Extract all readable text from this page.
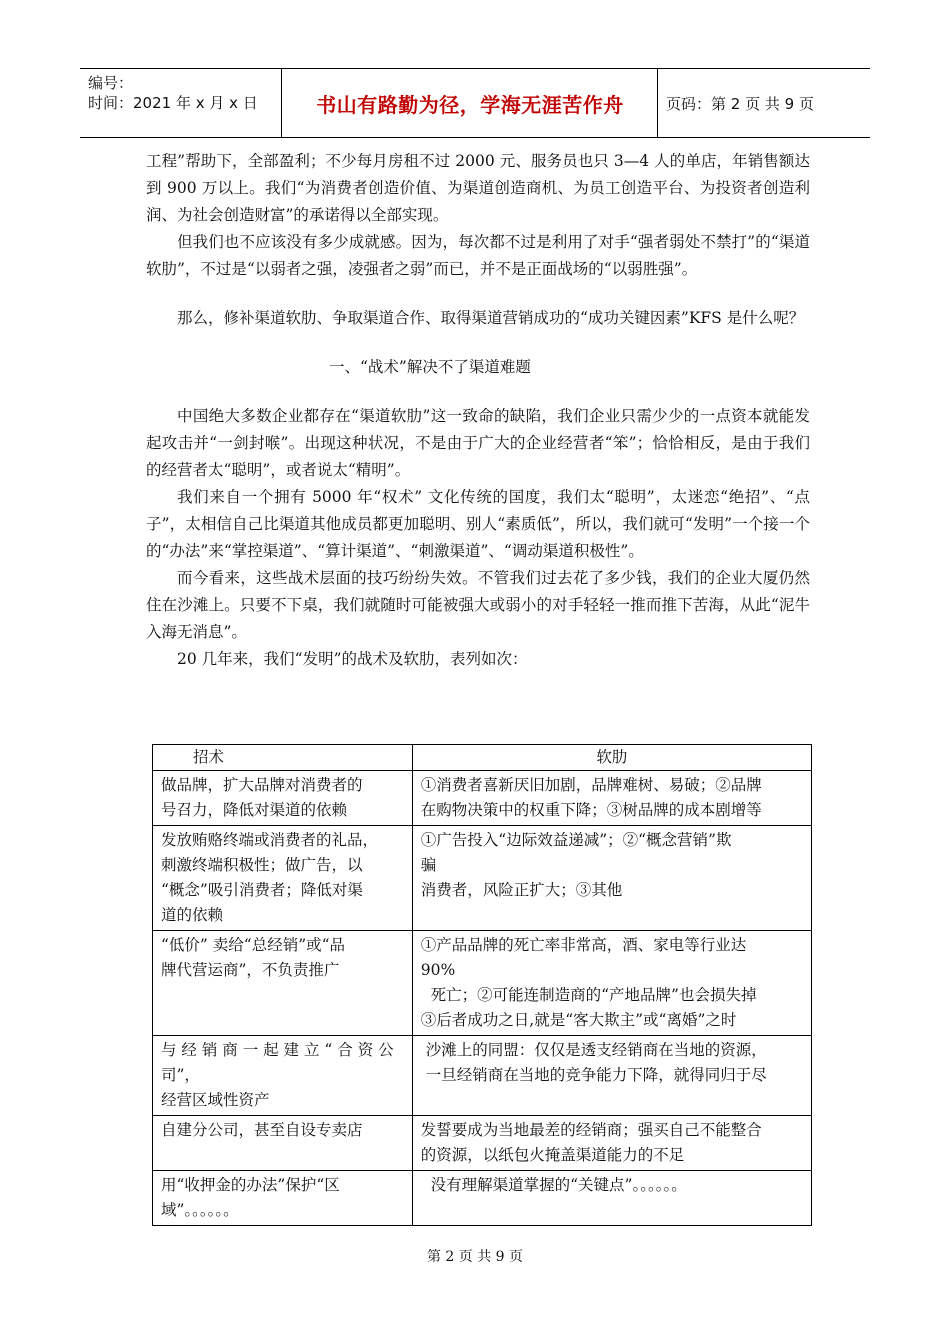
编号：
时间：2021 年 x 月 x 日	书山有路勤为径，学海无涯苦作舟	页码：第 2 页 共 9 页

工程”帮助下，全部盈利；不少每月房租不过 2000 元、服务员也只 3—4 人的单店，年销售额达到 900 万以上。我们“为消费者创造价值、为渠道创造商机、为员工创造平台、为投资者创造利润、为社会创造财富”的承诺得以全部实现。

但我们也不应该没有多少成就感。因为，每次都不过是利用了对手“强者弱处不禁打”的“渠道软肋”，不过是“以弱者之强，凌强者之弱”而已，并不是正面战场的“以弱胜强”。

那么，修补渠道软肋、争取渠道合作、取得渠道营销成功的“成功关键因素”KFS 是什么呢？

一、“战术”解决不了渠道难题

中国绝大多数企业都存在“渠道软肋”这一致命的缺陷，我们企业只需少少的一点资本就能发起攻击并“一剑封喉”。出现这种状况，不是由于广大的企业经营者“笨”；恰恰相反，是由于我们的经营者太“聪明”，或者说太“精明”。

我们来自一个拥有 5000 年“权术” 文化传统的国度，我们太“聪明”，太迷恋“绝招”、“点子”，太相信自己比渠道其他成员都更加聪明、别人“素质低”，所以，我们就可“发明”一个接一个的“办法”来“掌控渠道”、“算计渠道”、“刺激渠道”、“调动渠道积极性”。

而今看来，这些战术层面的技巧纷纷失效。不管我们过去花了多少钱，我们的企业大厦仍然住在沙滩上。只要不下桌，我们就随时可能被强大或弱小的对手轻轻一推而推下苦海，从此“泥牛入海无消息”。

20 几年来，我们“发明”的战术及软肋，表列如次：

招术	软肋

做品牌，扩大品牌对消费者的
号召力，降低对渠道的依赖	①消费者喜新厌旧加剧，品牌难树、易破；②品牌
在购物决策中的权重下降；③树品牌的成本剧增等

发放贿赂终端或消费者的礼品，
刺激终端积极性；做广告，以
“概念”吸引消费者；降低对渠
道的依赖	①广告投入“边际效益递减”；②“概念营销”欺
骗
消费者，风险正扩大；③其他

“低价” 卖给“总经销”或“品
牌代营运商”，不负责推广	①产品品牌的死亡率非常高，酒、家电等行业达
90%
死亡；②可能连制造商的“产地品牌”也会损失掉
③后者成功之日,就是“客大欺主”或“离婚”之时

与 经 销 商 一 起 建 立 “ 合 资 公
司”，
经营区域性资产	沙滩上的同盟：仅仅是透支经销商在当地的资源，
一旦经销商在当地的竞争能力下降，就得同归于尽

自建分公司，甚至自设专卖店	发誓要成为当地最差的经销商；强买自己不能整合
的资源，以纸包火掩盖渠道能力的不足

用“收押金的办法”保护“区
域”。。。。。。	没有理解渠道掌握的“关键点”。。。。。。
第 2 页 共 9 页
